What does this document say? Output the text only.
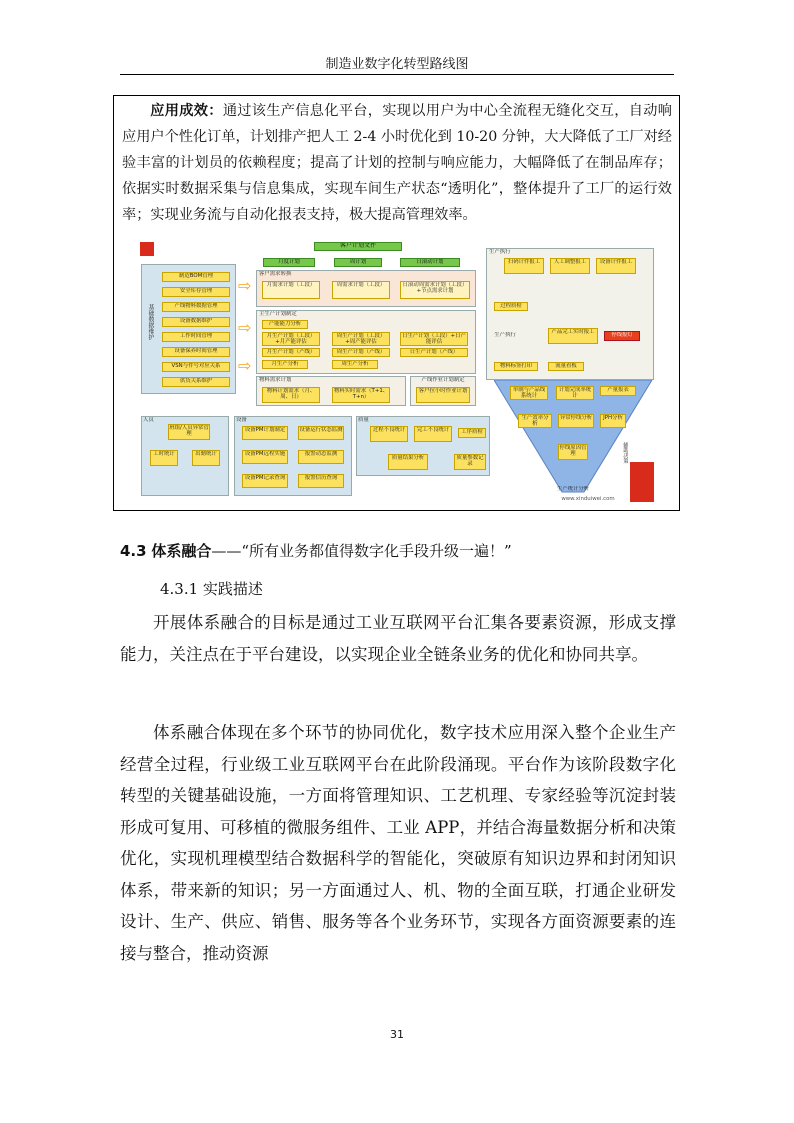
制造业数字化转型路线图
应用成效：通过该生产信息化平台，实现以用户为中心全流程无缝化交互，自动响应用户个性化订单，计划排产把人工 2-4 小时优化到 10-20 分钟，大大降低了工厂对经验丰富的计划员的依赖程度；提高了计划的控制与响应能力，大幅降低了在制品库存；依据实时数据采集与信息集成，实现车间生产状态“透明化”，整体提升了工厂的运行效率；实现业务流与自动化报表支持，极大提高管理效率。
客户计划文件
月度计划	周计划	日滚动计划
基础数据维护
制造BOM管理
安全库存管理
产线物料数据管理
设备数据维护
工作时间管理
设备保养时间管理
VSN与件号对应关系
供货关系维护
⇨
⇨
⇨
客户需求转换
月需求计划（工段）	周需求计划（工段）	日滚动周需求计划（工段）+节点需求计划
主生产计划制定
产能能力分析
月生产计划（工段）+月产能评估
周生产计划（工段）+周产能评估
日生产计划（工段）+日产能评估
月生产计划（产线）	周生产计划（产线）	日生产计划（产线）
月生产分析	周生产分析
物料需求计划
物料计划需求（月、周、日）
物料实时需求（T+1、T+n）
产线作业计划制定
客户拉小时作业计划
生产执行
扫码计件报工	人工调整报工	设备计件报工
过程质检
产品完工实时报工	停线报灯
物料标签打印	流量看板
生产执行
单制与产品线系统计
计划完成率统计
产量报表
生产效率分析
异常停线分析	JPH分析
停线原因管理
生产统计分析
辅助决策
人员
班组/人员异常管理
工时统计	出勤统计
设备
设备PM计划制定	设备运行状态监测
设备PM远程实施	报警动态监测
设备PM记录查询	报警信历查询
质量
过程不良统计	完工不良统计	工序质检
质量结果分析	质量参数记录
www.xinduiwei.com
4.3 体系融合——“所有业务都值得数字化手段升级一遍！”
4.3.1 实践描述
开展体系融合的目标是通过工业互联网平台汇集各要素资源，形成支撑能力，关注点在于平台建设，以实现企业全链条业务的优化和协同共享。
体系融合体现在多个环节的协同优化，数字技术应用深入整个企业生产经营全过程，行业级工业互联网平台在此阶段涌现。平台作为该阶段数字化转型的关键基础设施，一方面将管理知识、工艺机理、专家经验等沉淀封装形成可复用、可移植的微服务组件、工业 APP，并结合海量数据分析和决策优化，实现机理模型结合数据科学的智能化，突破原有知识边界和封闭知识体系，带来新的知识；另一方面通过人、机、物的全面互联，打通企业研发设计、生产、供应、销售、服务等各个业务环节，实现各方面资源要素的连接与整合，推动资源
31
